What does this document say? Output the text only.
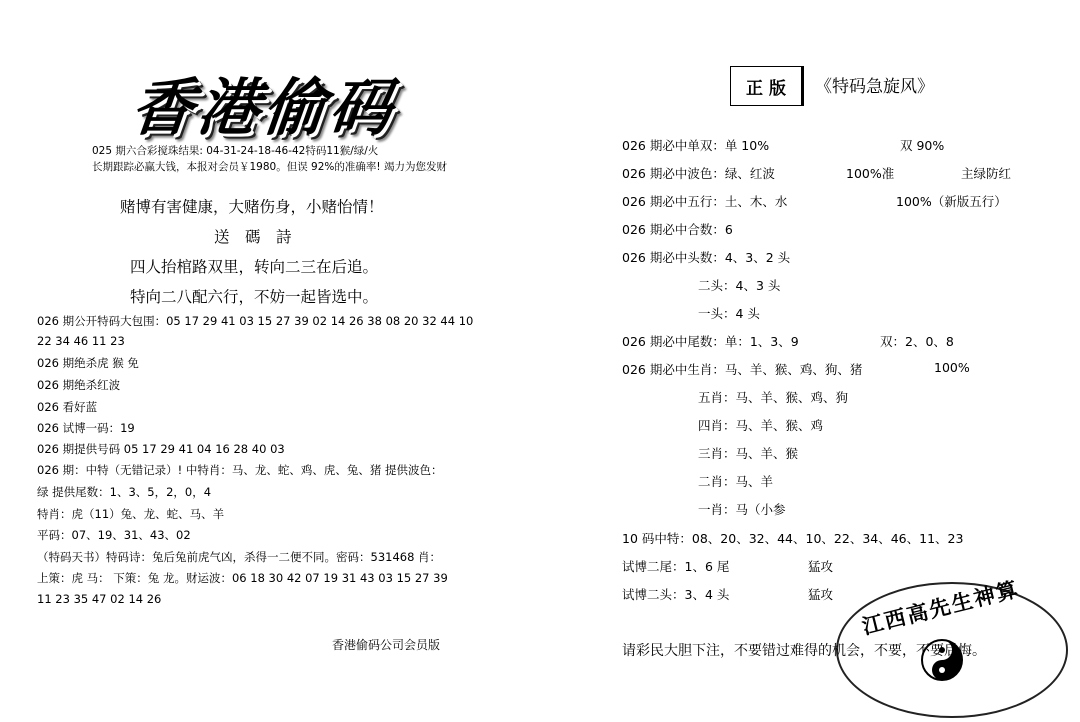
香港偷码
025 期六合彩搅珠结果: 04-31-24-18-46-42特码11猴/绿/火
长期跟踪必赢大钱，本报对会员￥1980。但误 92%的准确率! 竭力为您发财
赌博有害健康，大赌伤身，小赌怡情！
送　碼　詩
四人抬棺路双里，转向二三在后追。
特向二八配六行，不妨一起皆选中。
026 期公开特码大包围：05 17 29 41 03 15 27 39 02 14 26 38 08 20 32 44 10
22 34 46 11 23
026 期绝杀虎 猴 免
026 期绝杀红波
026 看好蓝
026 试博一码：19
026 期提供号码 05 17 29 41 04 16 28 40 03
026 期：中特（无错记录）! 中特肖：马、龙、蛇、鸡、虎、兔、猪 提供波色：
绿 提供尾数：1、3、5，2，0，4
特肖：虎（11）兔、龙、蛇、马、羊
平码：07、19、31、43、02
（特码天书）特码诗：兔后兔前虎气凶，杀得一二便不同。密码：531468 肖：
上策：虎 马： 下策：兔 龙。财运波：06 18 30 42 07 19 31 43 03 15 27 39
11 23 35 47 02 14 26
香港偷码公司会员版
正 版	《特码急旋风》
026 期必中单双：单 10%	双 90%
026 期必中波色：绿、红波	100%准	主绿防红
026 期必中五行：土、木、水	100%（新版五行）
026 期必中合数：6
026 期必中头数：4、3、2 头
二头：4、3 头
一头：4 头
026 期必中尾数：单：1、3、9	双：2、0、8
026 期必中生肖：马、羊、猴、鸡、狗、猪	100%
五肖：马、羊、猴、鸡、狗
四肖：马、羊、猴、鸡
三肖：马、羊、猴
二肖：马、羊
一肖：马（小参
10 码中特：08、20、32、44、10、22、34、46、11、23
试博二尾：1、6 尾	猛攻
试博二头：3、4 头	猛攻 江西高先生神算
请彩民大胆下注，不要错过难得的机会，不要，不要后悔。
